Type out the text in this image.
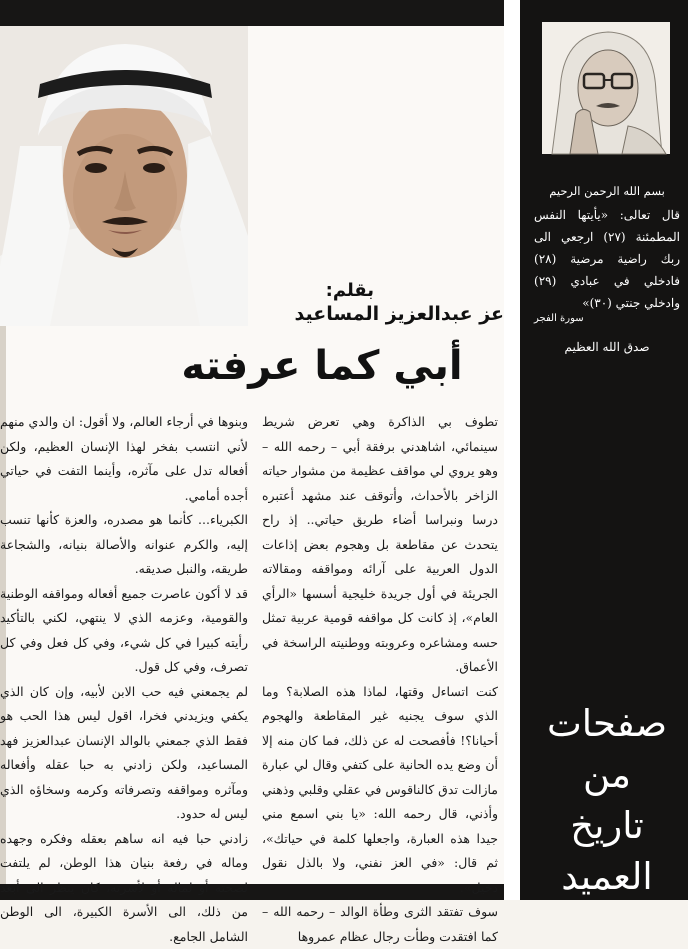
بقلم:
عز عبدالعزيز المساعيد
أبي كما عرفته

تطوف بي الذاكرة وهي تعرض شريط سينمائي، اشاهدني برفقة أبي – رحمه الله – وهو يروي لي مواقف عظيمة من مشوار حياته الزاخر بالأحداث، وأتوقف عند مشهد أعتبره درسا ونبراسا أضاء طريق حياتي.. إذ راح يتحدث عن مقاطعة بل وهجوم بعض إذاعات الدول العربية على آرائه ومواقفه ومقالاته الجريئة في أول جريدة خليجية أسسها «الرأي العام»، إذ كانت كل مواقفه قومية عربية تمثل حسه ومشاعره وعروبته ووطنيته الراسخة في الأعماق.

كنت اتساءل وقتها، لماذا هذه الصلابة؟ وما الذي سوف يجنيه غير المقاطعة والهجوم أحيانا؟! فأفصحت له عن ذلك، فما كان منه إلا أن وضع يده الحانية على كتفي وقال لي عبارة مازالت تدق كالناقوس في عقلي وقلبي وذهني وأذني، قال رحمه الله: «يا بني اسمع مني جيدا هذه العبارة، واجعلها كلمة في حياتك»، ثم قال: «في العز نفني، ولا بالذل نقول دخيل».

سوف تفتقد الثرى وطأة الوالد – رحمه الله – كما افتقدت وطأت رجال عظام عمروها

وبنوها في أرجاء العالم، ولا أقول: ان والدي منهم لأني انتسب بفخر لهذا الإنسان العظيم، ولكن أفعاله تدل على مآثره، وأينما التفت في حياتي أجده أمامي.

الكبرياء... كأنما هو مصدره، والعزة كأنها تنسب إليه، والكرم عنوانه والأصالة بنيانه، والشجاعة طريقه، والنبل صديقه.

قد لا أكون عاصرت جميع أفعاله ومواقفه الوطنية والقومية، وعزمه الذي لا ينتهي، لكني بالتأكيد رأيته كبيرا في كل شيء، وفي كل فعل وفي كل تصرف، وفي كل قول.

لم يجمعني فيه حب الابن لأبيه، وإن كان الذي يكفي ويزيدني فخرا، اقول ليس هذا الحب هو فقط الذي جمعني بالوالد الإنسان عبدالعزيز فهد المساعيد، ولكن زادني به حبا عقله وأفعاله ومآثره ومواقفه وتصرفاته وكرمه وسخاؤه الذي ليس له حدود.

زادني حبا فيه انه ساهم بعقله وفكره وجهده وماله في رفعة بنيان هذا الوطن، لم يلتفت لصحته أو لماله أو لأسرته، كان ينظر الى أبعد من ذلك، الى الأسرة الكبيرة، الى الوطن الشامل الجامع.

بسم الله الرحمن الرحيم
قال تعالى: «يأيتها النفس المطمئنة (٢٧) ارجعي الى ربك راضية مرضية (٢٨) فادخلي في عبادي (٢٩) وادخلي جنتي (٣٠)»
سورة الفجر
صدق الله العظيم
صفحات
من
تاريخ
العميد
